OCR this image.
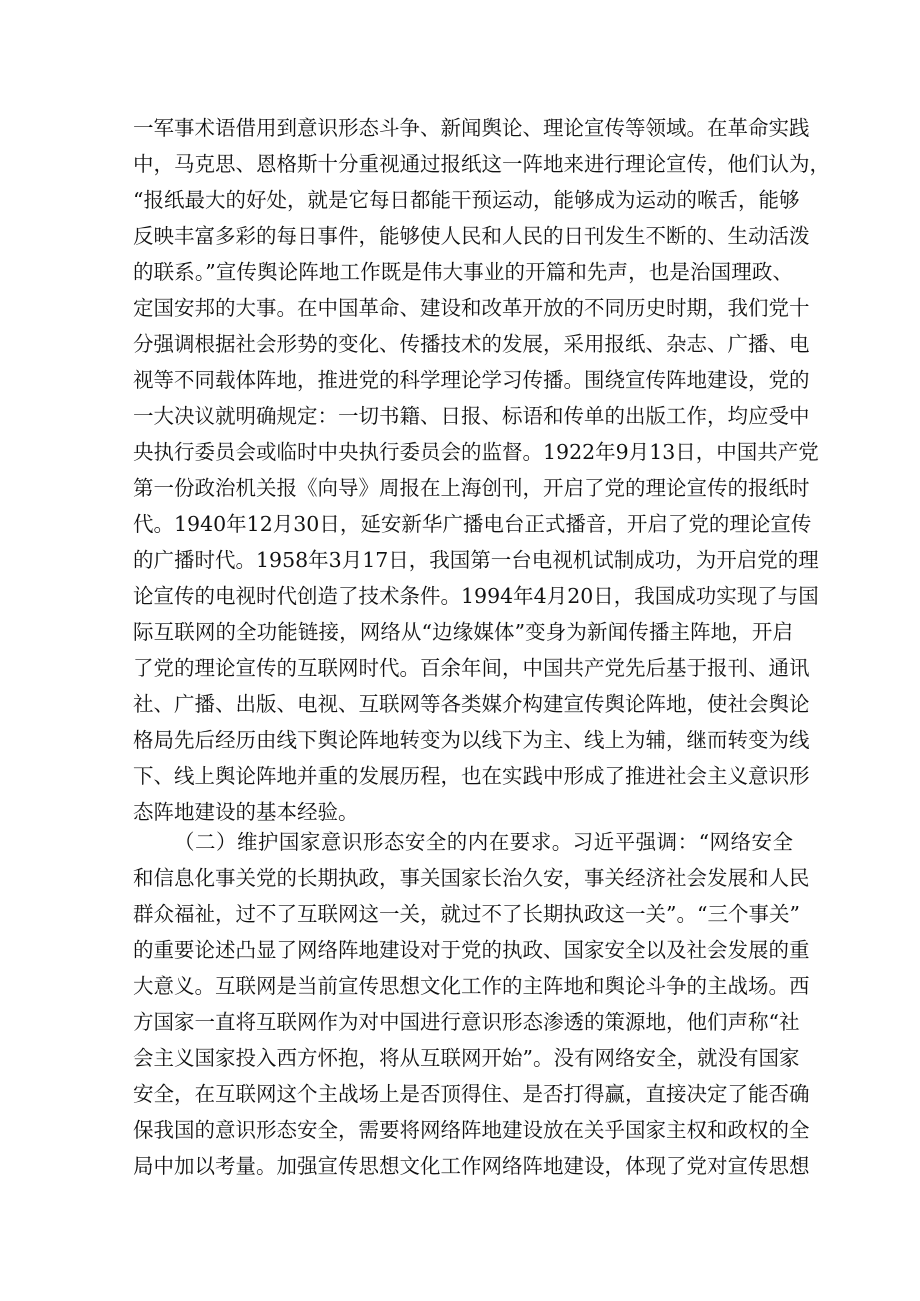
一军事术语借用到意识形态斗争、新闻舆论、理论宣传等领域。在革命实践
中，马克思、恩格斯十分重视通过报纸这一阵地来进行理论宣传，他们认为，
“报纸最大的好处，就是它每日都能干预运动，能够成为运动的喉舌，能够
反映丰富多彩的每日事件，能够使人民和人民的日刊发生不断的、生动活泼
的联系。”宣传舆论阵地工作既是伟大事业的开篇和先声，也是治国理政、
定国安邦的大事。在中国革命、建设和改革开放的不同历史时期，我们党十
分强调根据社会形势的变化、传播技术的发展，采用报纸、杂志、广播、电
视等不同载体阵地，推进党的科学理论学习传播。围绕宣传阵地建设，党的
一大决议就明确规定：一切书籍、日报、标语和传单的出版工作，均应受中
央执行委员会或临时中央执行委员会的监督。1922年9月13日，中国共产党
第一份政治机关报《向导》周报在上海创刊，开启了党的理论宣传的报纸时
代。1940年12月30日，延安新华广播电台正式播音，开启了党的理论宣传
的广播时代。1958年3月17日，我国第一台电视机试制成功，为开启党的理
论宣传的电视时代创造了技术条件。1994年4月20日，我国成功实现了与国
际互联网的全功能链接，网络从“边缘媒体”变身为新闻传播主阵地，开启
了党的理论宣传的互联网时代。百余年间，中国共产党先后基于报刊、通讯
社、广播、出版、电视、互联网等各类媒介构建宣传舆论阵地，使社会舆论
格局先后经历由线下舆论阵地转变为以线下为主、线上为辅，继而转变为线
下、线上舆论阵地并重的发展历程，也在实践中形成了推进社会主义意识形
态阵地建设的基本经验。
（二）维护国家意识形态安全的内在要求。习近平强调：“网络安全
和信息化事关党的长期执政，事关国家长治久安，事关经济社会发展和人民
群众福祉，过不了互联网这一关，就过不了长期执政这一关”。“三个事关”
的重要论述凸显了网络阵地建设对于党的执政、国家安全以及社会发展的重
大意义。互联网是当前宣传思想文化工作的主阵地和舆论斗争的主战场。西
方国家一直将互联网作为对中国进行意识形态渗透的策源地，他们声称“社
会主义国家投入西方怀抱，将从互联网开始”。没有网络安全，就没有国家
安全，在互联网这个主战场上是否顶得住、是否打得赢，直接决定了能否确
保我国的意识形态安全，需要将网络阵地建设放在关乎国家主权和政权的全
局中加以考量。加强宣传思想文化工作网络阵地建设，体现了党对宣传思想
